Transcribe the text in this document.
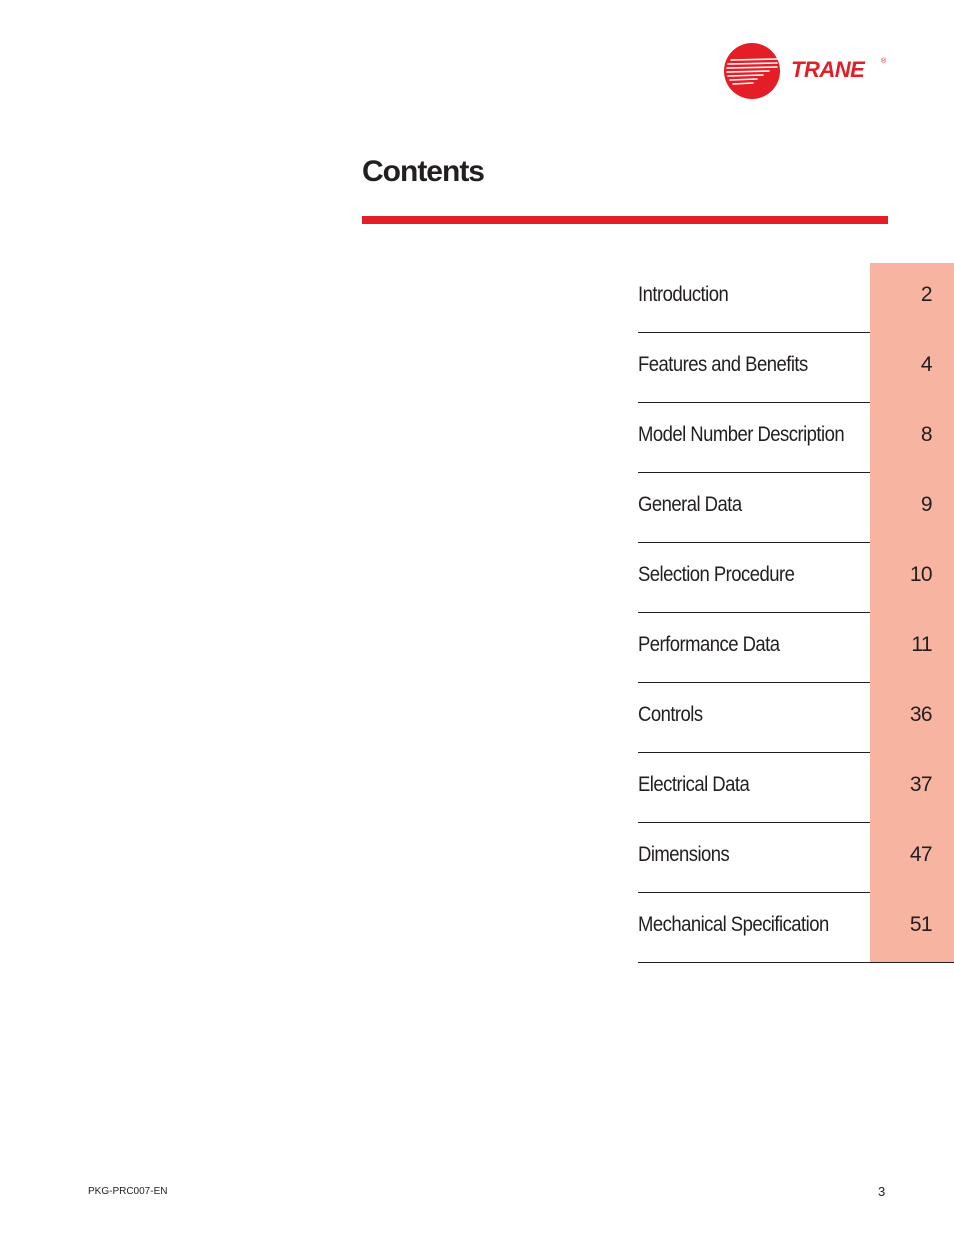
TRANE ®
Contents
Introduction	2
Features and Benefits	4
Model Number Description	8
General Data	9
Selection Procedure	10
Performance Data	11
Controls	36
Electrical Data	37
Dimensions	47
Mechanical Specification	51
PKG-PRC007-EN	3
